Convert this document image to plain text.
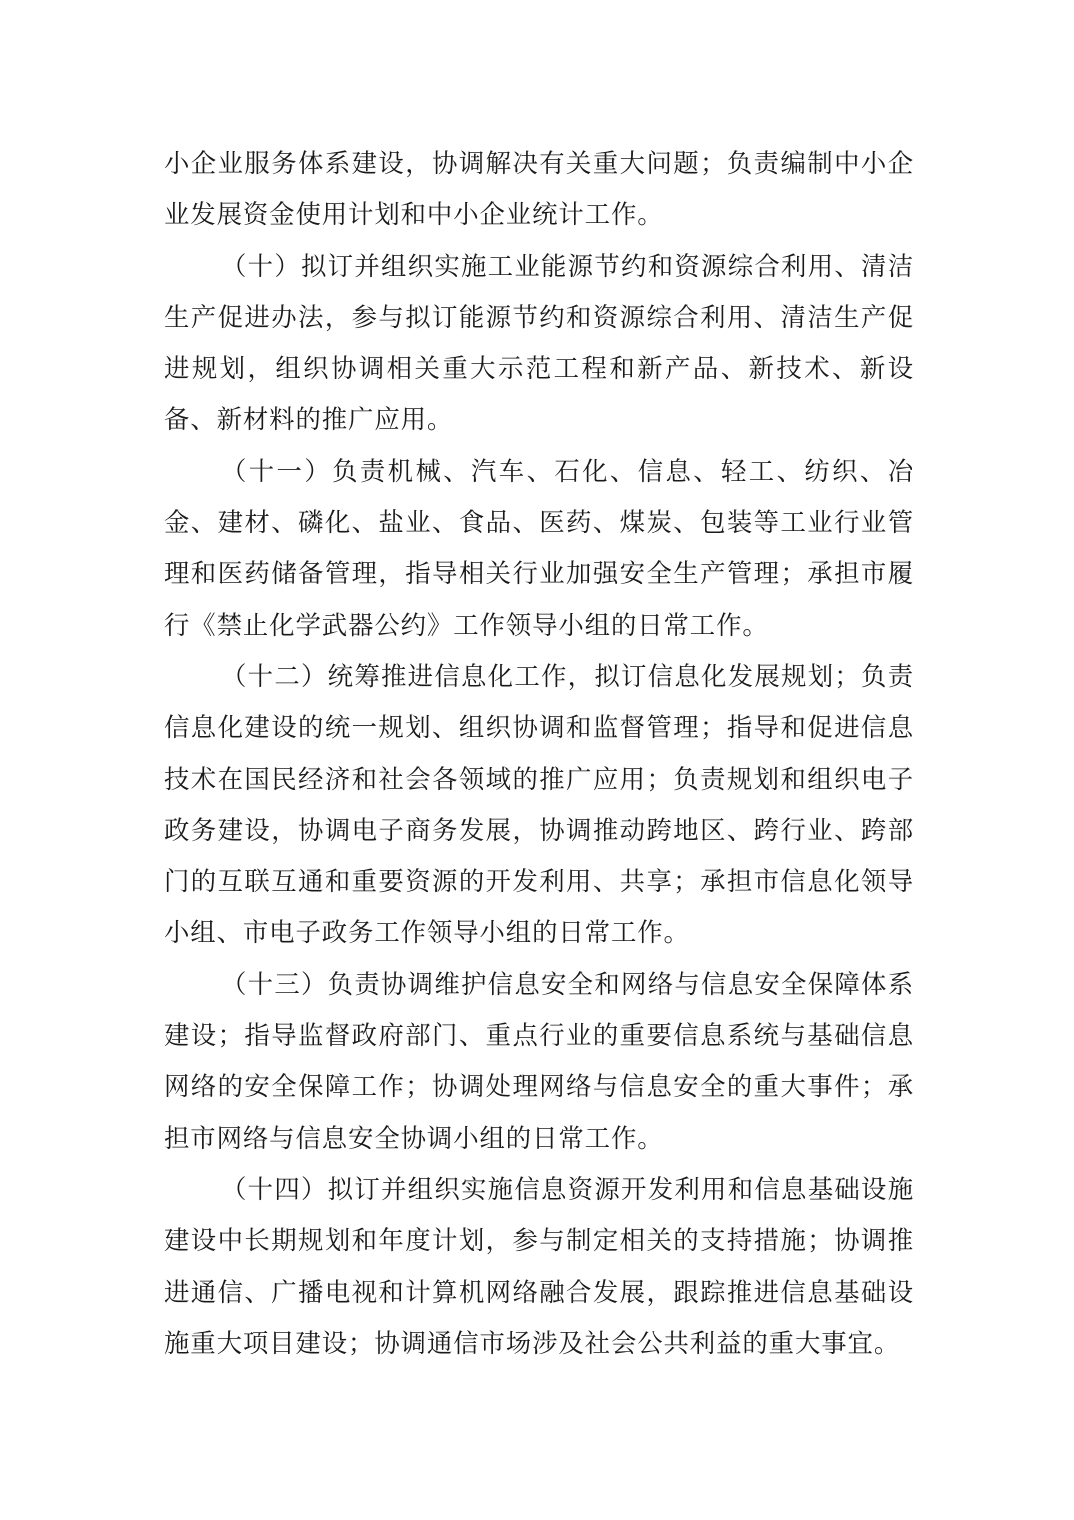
小企业服务体系建设，协调解决有关重大问题；负责编制中小企业发展资金使用计划和中小企业统计工作。

（十）拟订并组织实施工业能源节约和资源综合利用、清洁生产促进办法，参与拟订能源节约和资源综合利用、清洁生产促进规划，组织协调相关重大示范工程和新产品、新技术、新设备、新材料的推广应用。

（十一）负责机械、汽车、石化、信息、轻工、纺织、冶金、建材、磷化、盐业、食品、医药、煤炭、包装等工业行业管理和医药储备管理，指导相关行业加强安全生产管理；承担市履行《禁止化学武器公约》工作领导小组的日常工作。

（十二）统筹推进信息化工作，拟订信息化发展规划；负责信息化建设的统一规划、组织协调和监督管理；指导和促进信息技术在国民经济和社会各领域的推广应用；负责规划和组织电子政务建设，协调电子商务发展，协调推动跨地区、跨行业、跨部门的互联互通和重要资源的开发利用、共享；承担市信息化领导小组、市电子政务工作领导小组的日常工作。

（十三）负责协调维护信息安全和网络与信息安全保障体系建设；指导监督政府部门、重点行业的重要信息系统与基础信息网络的安全保障工作；协调处理网络与信息安全的重大事件；承担市网络与信息安全协调小组的日常工作。

（十四）拟订并组织实施信息资源开发利用和信息基础设施建设中长期规划和年度计划，参与制定相关的支持措施；协调推进通信、广播电视和计算机网络融合发展，跟踪推进信息基础设施重大项目建设；协调通信市场涉及社会公共利益的重大事宜。
